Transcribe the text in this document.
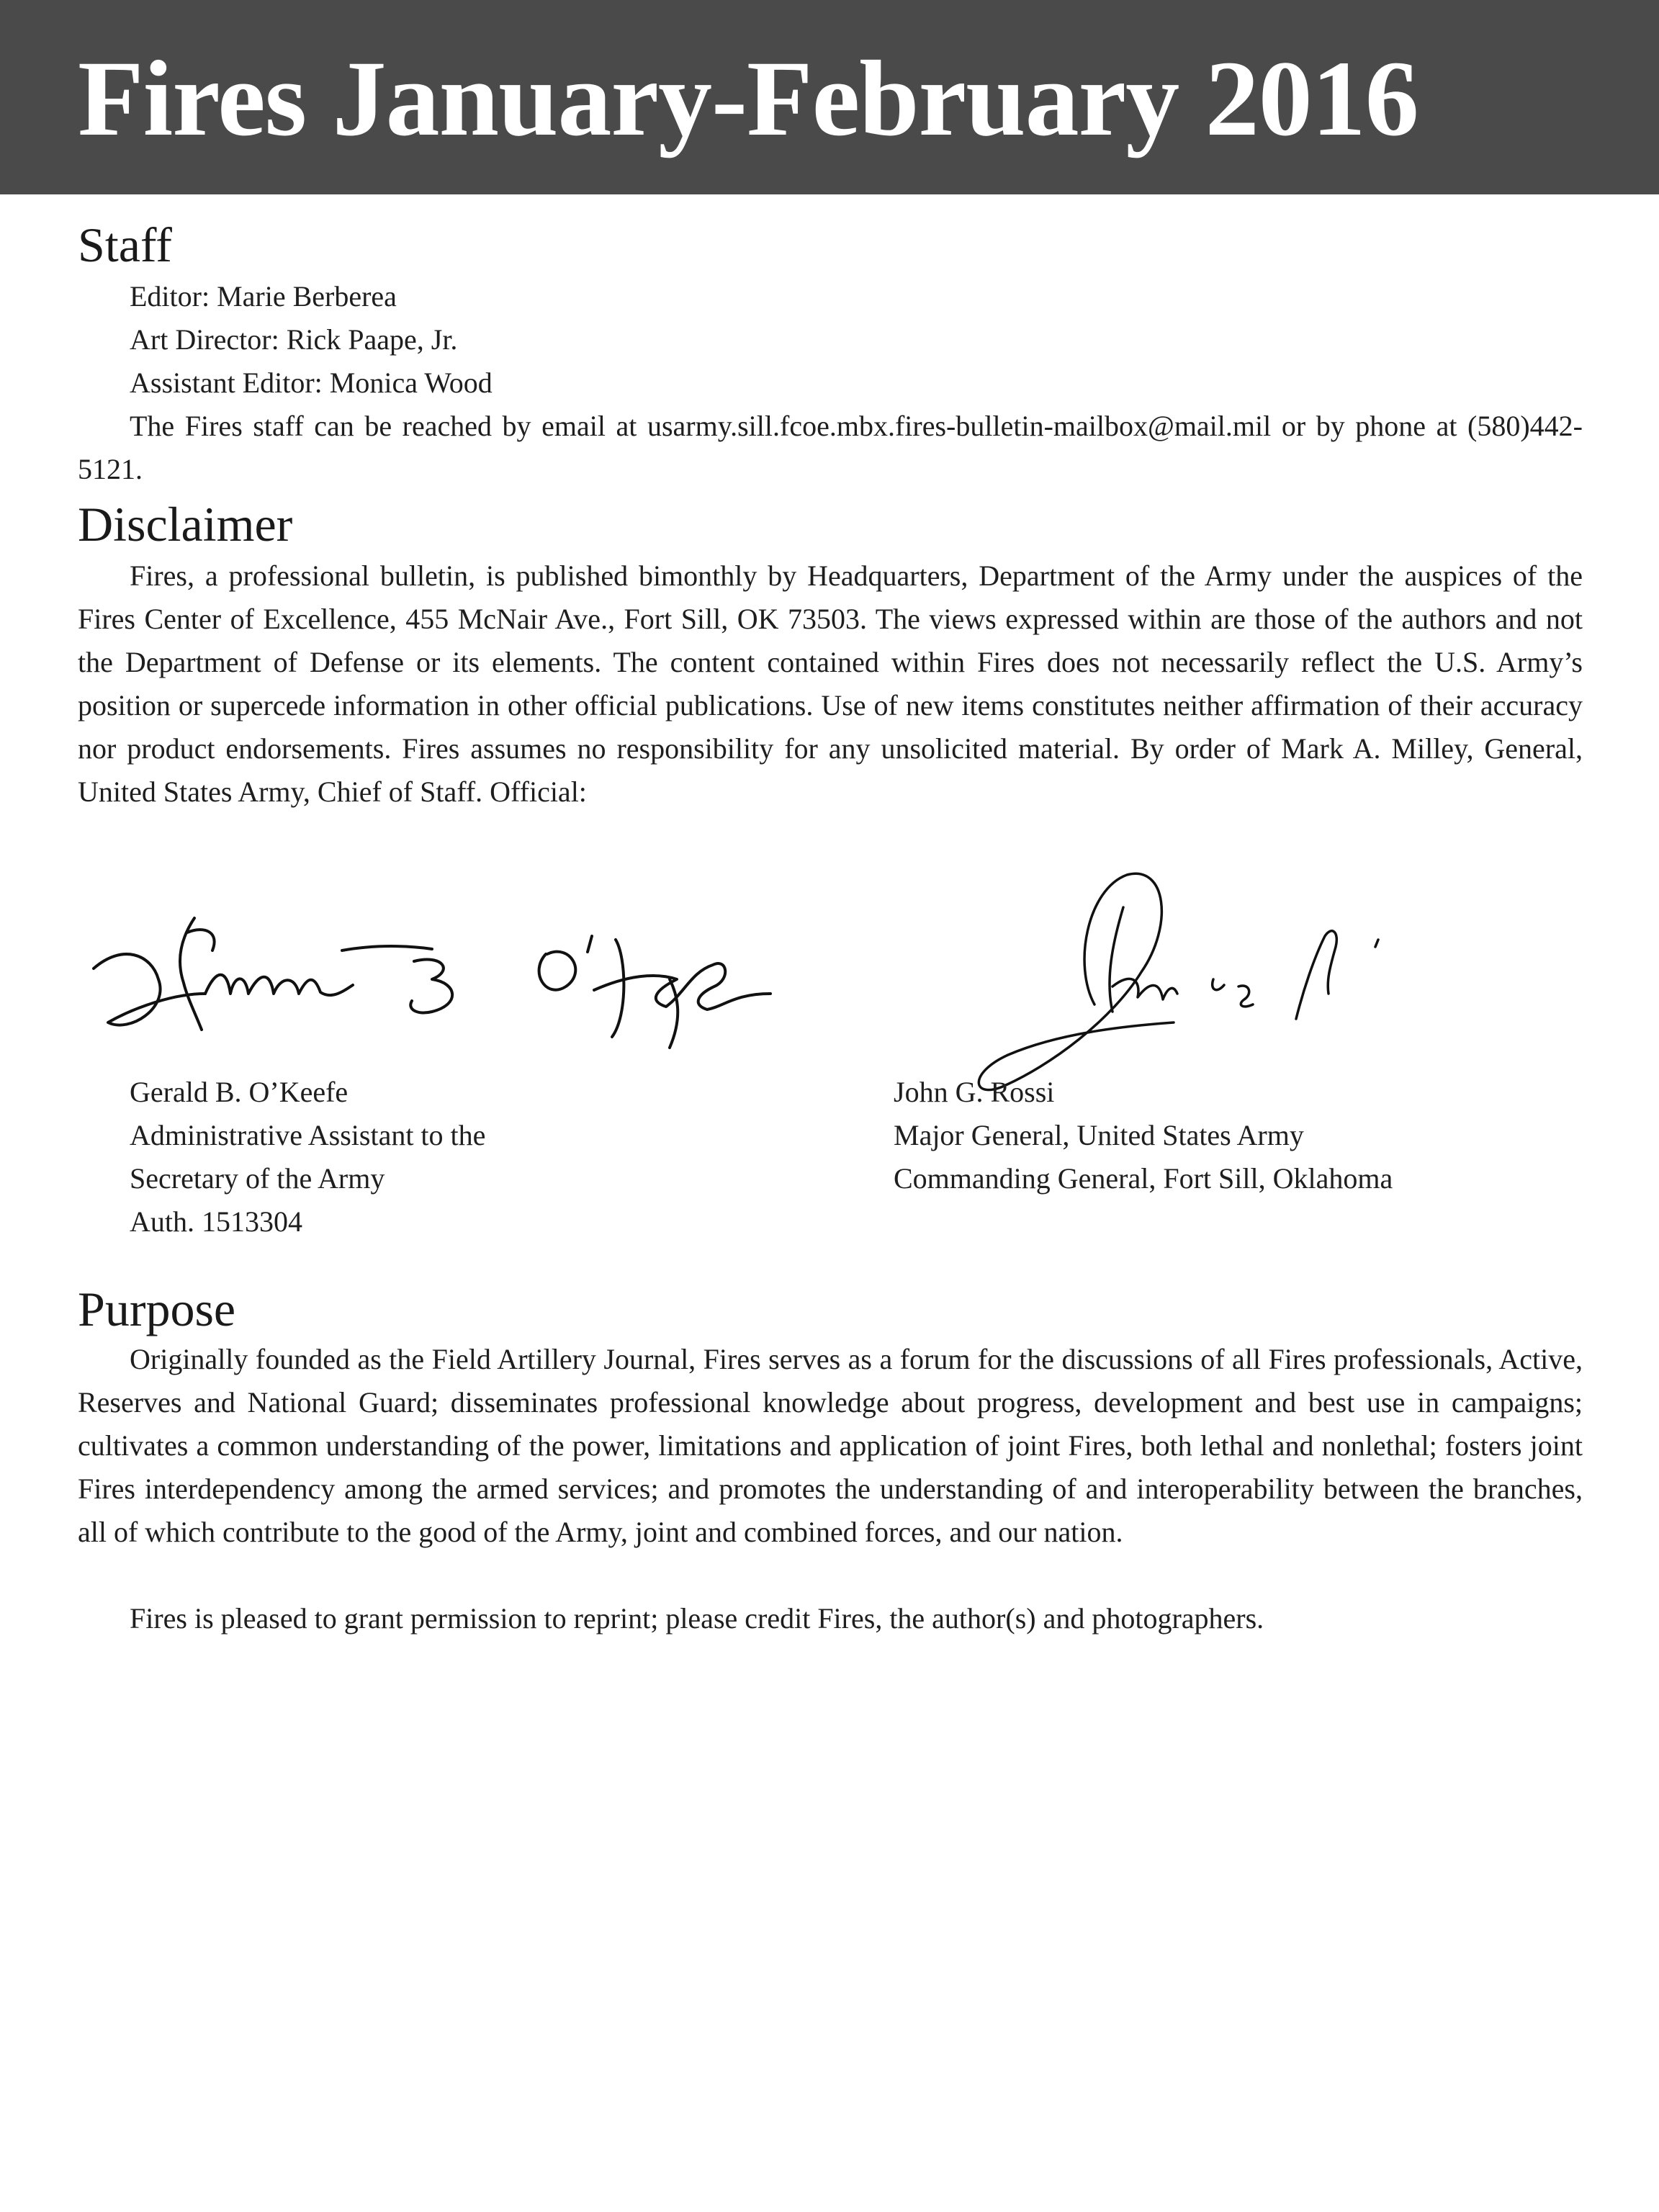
Fires January-February 2016
Staff

Editor: Marie Berberea

Art Director: Rick Paape, Jr.

Assistant Editor: Monica Wood

The Fires staff can be reached by email at usarmy.sill.fcoe.mbx.fires-bulletin-mailbox@mail.mil or by phone at (580)442-5121.

Disclaimer

Fires, a professional bulletin, is published bimonthly by Headquarters, Department of the Army under the auspices of the Fires Center of Excellence, 455 McNair Ave., Fort Sill, OK 73503. The views expressed within are those of the authors and not the Department of Defense or its elements. The content contained within Fires does not necessarily reflect the U.S. Army’s position or supercede information in other official publications. Use of new items constitutes neither affirmation of their accuracy nor product endorsements. Fires assumes no responsibility for any unsolicited material. By order of Mark A. Milley, General, United States Army, Chief of Staff. Official:

Gerald B. O’Keefe

Administrative Assistant to the

Secretary of the Army

Auth. 1513304

John G. Rossi

Major General, United States Army

Commanding General, Fort Sill, Oklahoma

Purpose

Originally founded as the Field Artillery Journal, Fires serves as a forum for the discussions of all Fires professionals, Active, Reserves and National Guard; disseminates professional knowledge about progress, development and best use in campaigns; cultivates a common understanding of the power, limitations and application of joint Fires, both lethal and nonlethal; fosters joint Fires interdependency among the armed services; and promotes the understanding of and interoperability between the branches, all of which contribute to the good of the Army, joint and combined forces, and our nation.

Fires is pleased to grant permission to reprint; please credit Fires, the author(s) and photographers.
